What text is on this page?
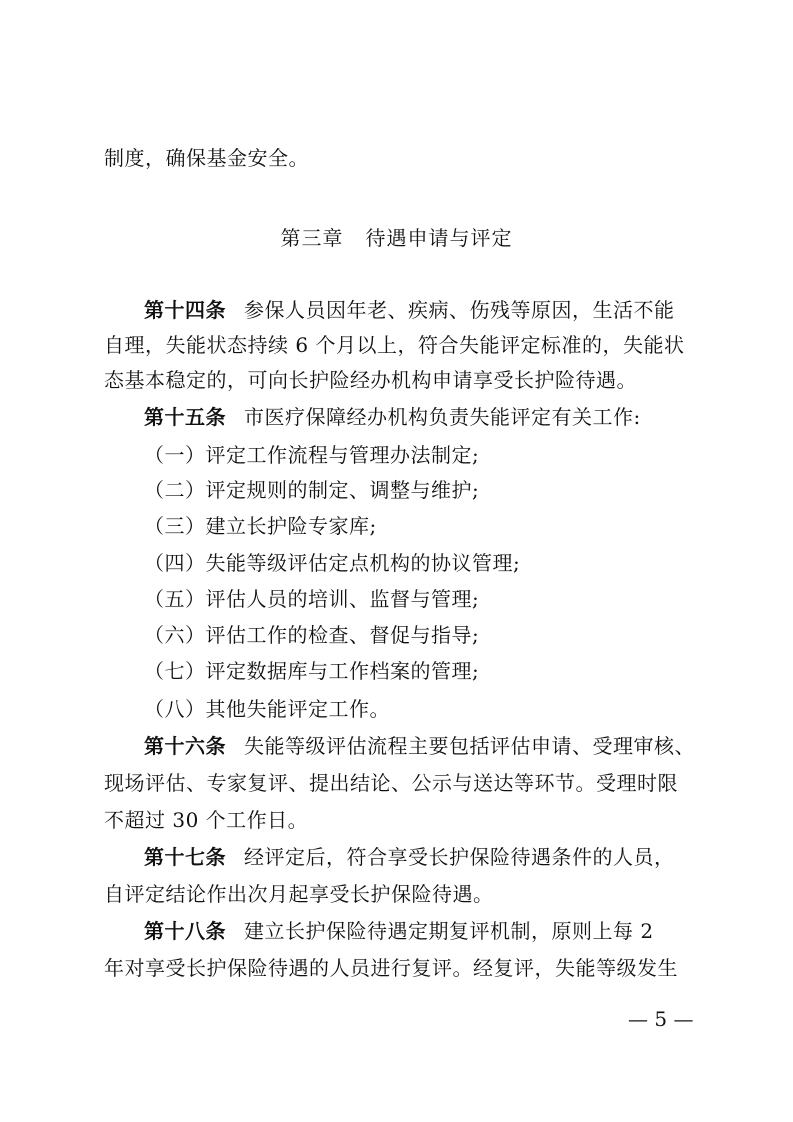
制度，确保基金安全。
第三章 待遇申请与评定
第十四条 参保人员因年老、疾病、伤残等原因，生活不能
自理，失能状态持续 6 个月以上，符合失能评定标准的，失能状
态基本稳定的，可向长护险经办机构申请享受长护险待遇。
第十五条 市医疗保障经办机构负责失能评定有关工作:
（一）评定工作流程与管理办法制定;
（二）评定规则的制定、调整与维护;
（三）建立长护险专家库;
（四）失能等级评估定点机构的协议管理;
（五）评估人员的培训、监督与管理;
（六）评估工作的检查、督促与指导;
（七）评定数据库与工作档案的管理;
（八）其他失能评定工作。
第十六条 失能等级评估流程主要包括评估申请、受理审核、
现场评估、专家复评、提出结论、公示与送达等环节。受理时限
不超过 30 个工作日。
第十七条 经评定后，符合享受长护保险待遇条件的人员，
自评定结论作出次月起享受长护保险待遇。
第十八条 建立长护保险待遇定期复评机制，原则上每 2
年对享受长护保险待遇的人员进行复评。经复评，失能等级发生
— 5 —
